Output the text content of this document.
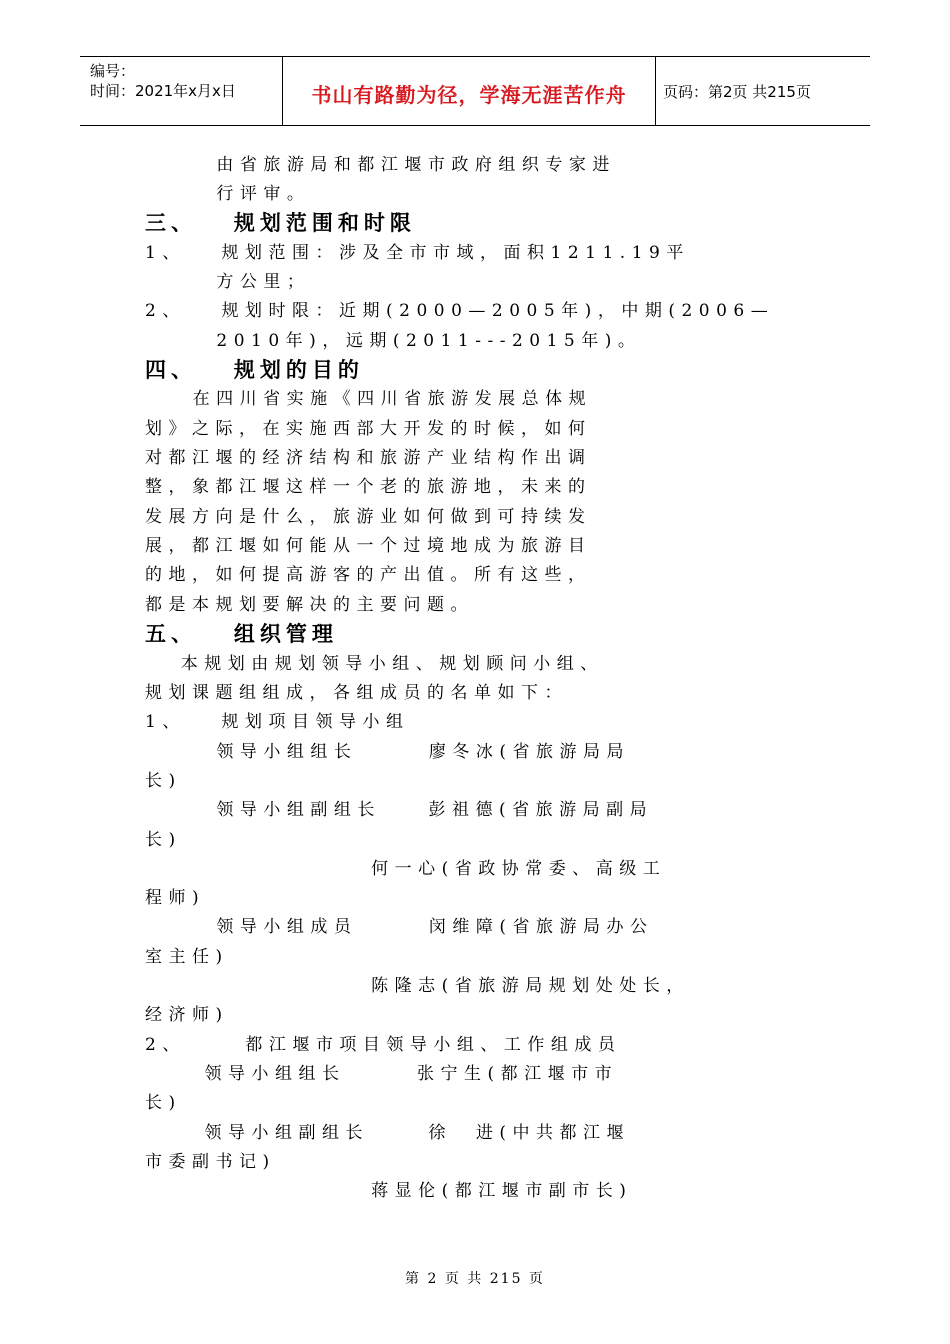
编号：
时间：2021年x月x日	书山有路勤为径，学海无涯苦作舟	页码：第2页 共215页
由省旅游局和都江堰市政府组织专家进
行评审。
三、   规划范围和时限
1、   规划范围：涉及全市市域，面积1211.19平
方公里；
2、   规划时限：近期(2000—2005年)，中期(2006—
2010年)，远期(2011---2015年)。
四、   规划的目的
在四川省实施《四川省旅游发展总体规
划》之际，在实施西部大开发的时候，如何
对都江堰的经济结构和旅游产业结构作出调
整，象都江堰这样一个老的旅游地，未来的
发展方向是什么，旅游业如何做到可持续发
展，都江堰如何能从一个过境地成为旅游目
的地，如何提高游客的产出值。所有这些，
都是本规划要解决的主要问题。
五、   组织管理
本规划由规划领导小组、规划顾问小组、
规划课题组组成，各组成员的名单如下：
1、   规划项目领导小组
领导小组组长      廖冬冰(省旅游局局
长)
领导小组副组长    彭祖德(省旅游局副局
长)
何一心(省政协常委、高级工
程师)
领导小组成员      闵维障(省旅游局办公
室主任)
陈隆志(省旅游局规划处处长，
经济师)
2、     都江堰市项目领导小组、工作组成员
领导小组组长      张宁生(都江堰市市
长)
领导小组副组长     徐  进(中共都江堰
市委副书记)
蒋显伦(都江堰市副市长)
第 2 页 共 215 页
